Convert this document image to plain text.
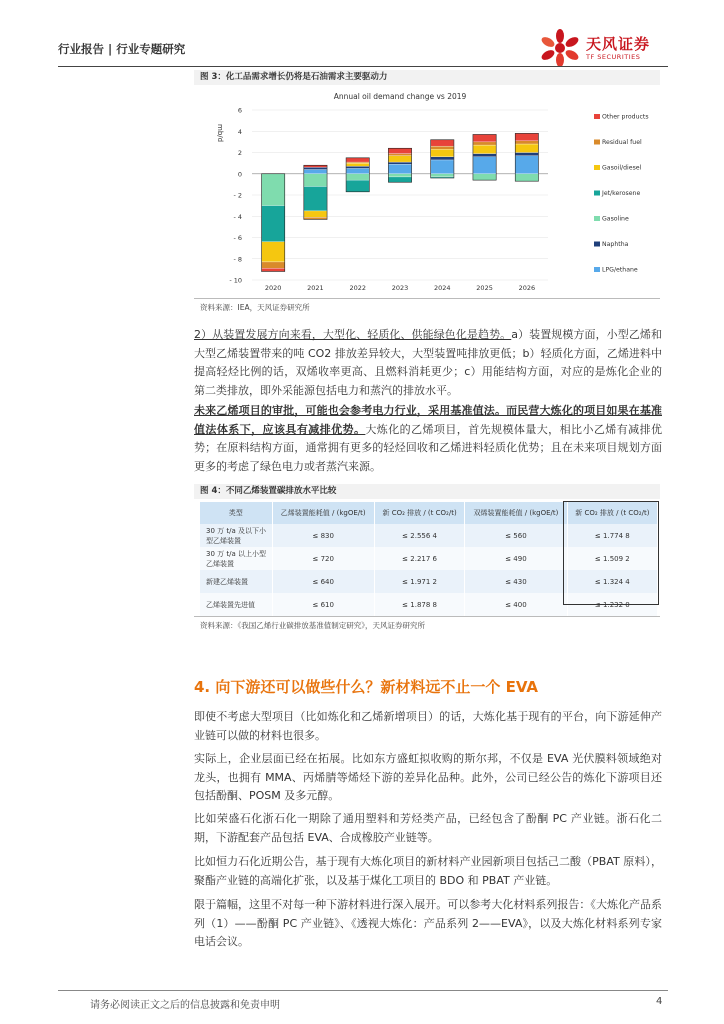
行业报告 | 行业专题研究	天风证券
TF SECURITIES
图 3：化工品需求增长仍将是石油需求主要驱动力
Annual oil demand change vs 2019
mb/d
- 10
- 8
- 6
- 4
- 2
0
2
4
6
2020	2021	2022	2023	2024	2025	2026
Other products
Residual fuel
Gasoil/diesel
Jet/kerosene
Gasoline
Naphtha
LPG/ethane
资料来源：IEA，天风证券研究所
2）从装置发展方向来看，大型化、轻质化、供能绿色化是趋势。a）装置规模方面，小型乙烯和大型乙烯装置带来的吨 CO2 排放差异较大，大型装置吨排放更低；b）轻质化方面，乙烯进料中提高轻烃比例的话，双烯收率更高、且燃料消耗更少；c）用能结构方面，对应的是炼化企业的第二类排放，即外采能源包括电力和蒸汽的排放水平。
未来乙烯项目的审批，可能也会参考电力行业，采用基准值法。而民营大炼化的项目如果在基准值法体系下，应该具有减排优势。大炼化的乙烯项目，首先规模体量大，相比小乙烯有减排优势；在原料结构方面，通常拥有更多的轻烃回收和乙烯进料轻质化优势；且在未来项目规划方面更多的考虑了绿色电力或者蒸汽来源。
图 4：不同乙烯装置碳排放水平比较
类型	乙烯装置能耗值 / (kgOE/t)	新 CO₂ 排放 / (t CO₂/t)	双烯装置能耗值 / (kgOE/t)	新 CO₂ 排放 / (t CO₂/t)
30 万 t/a 及以下小型乙烯装置	≤ 830	≤ 2.556 4	≤ 560	≤ 1.774 8
30 万 t/a 以上小型乙烯装置	≤ 720	≤ 2.217 6	≤ 490	≤ 1.509 2
新建乙烯装置	≤ 640	≤ 1.971 2	≤ 430	≤ 1.324 4
乙烯装置先进值	≤ 610	≤ 1.878 8	≤ 400	≤ 1.232 0
资料来源：《我国乙烯行业碳排放基准值制定研究》，天风证券研究所
4. 向下游还可以做些什么？新材料远不止一个 EVA
即使不考虑大型项目（比如炼化和乙烯新增项目）的话，大炼化基于现有的平台，向下游延伸产业链可以做的材料也很多。
实际上，企业层面已经在拓展。比如东方盛虹拟收购的斯尔邦，不仅是 EVA 光伏膜料领域绝对龙头，也拥有 MMA、丙烯腈等烯烃下游的差异化品种。此外，公司已经公告的炼化下游项目还包括酚酮、POSM 及多元醇。
比如荣盛石化浙石化一期除了通用塑料和芳烃类产品，已经包含了酚酮 PC 产业链。浙石化二期，下游配套产品包括 EVA、合成橡胶产业链等。
比如恒力石化近期公告，基于现有大炼化项目的新材料产业园新项目包括己二酸（PBAT 原料），聚酯产业链的高端化扩张，以及基于煤化工项目的 BDO 和 PBAT 产业链。
限于篇幅，这里不对每一种下游材料进行深入展开。可以参考大化材料系列报告：《大炼化产品系列（1）——酚酮 PC 产业链》、《透视大炼化：产品系列 2——EVA》，以及大炼化材料系列专家电话会议。
请务必阅读正文之后的信息披露和免责申明	4
